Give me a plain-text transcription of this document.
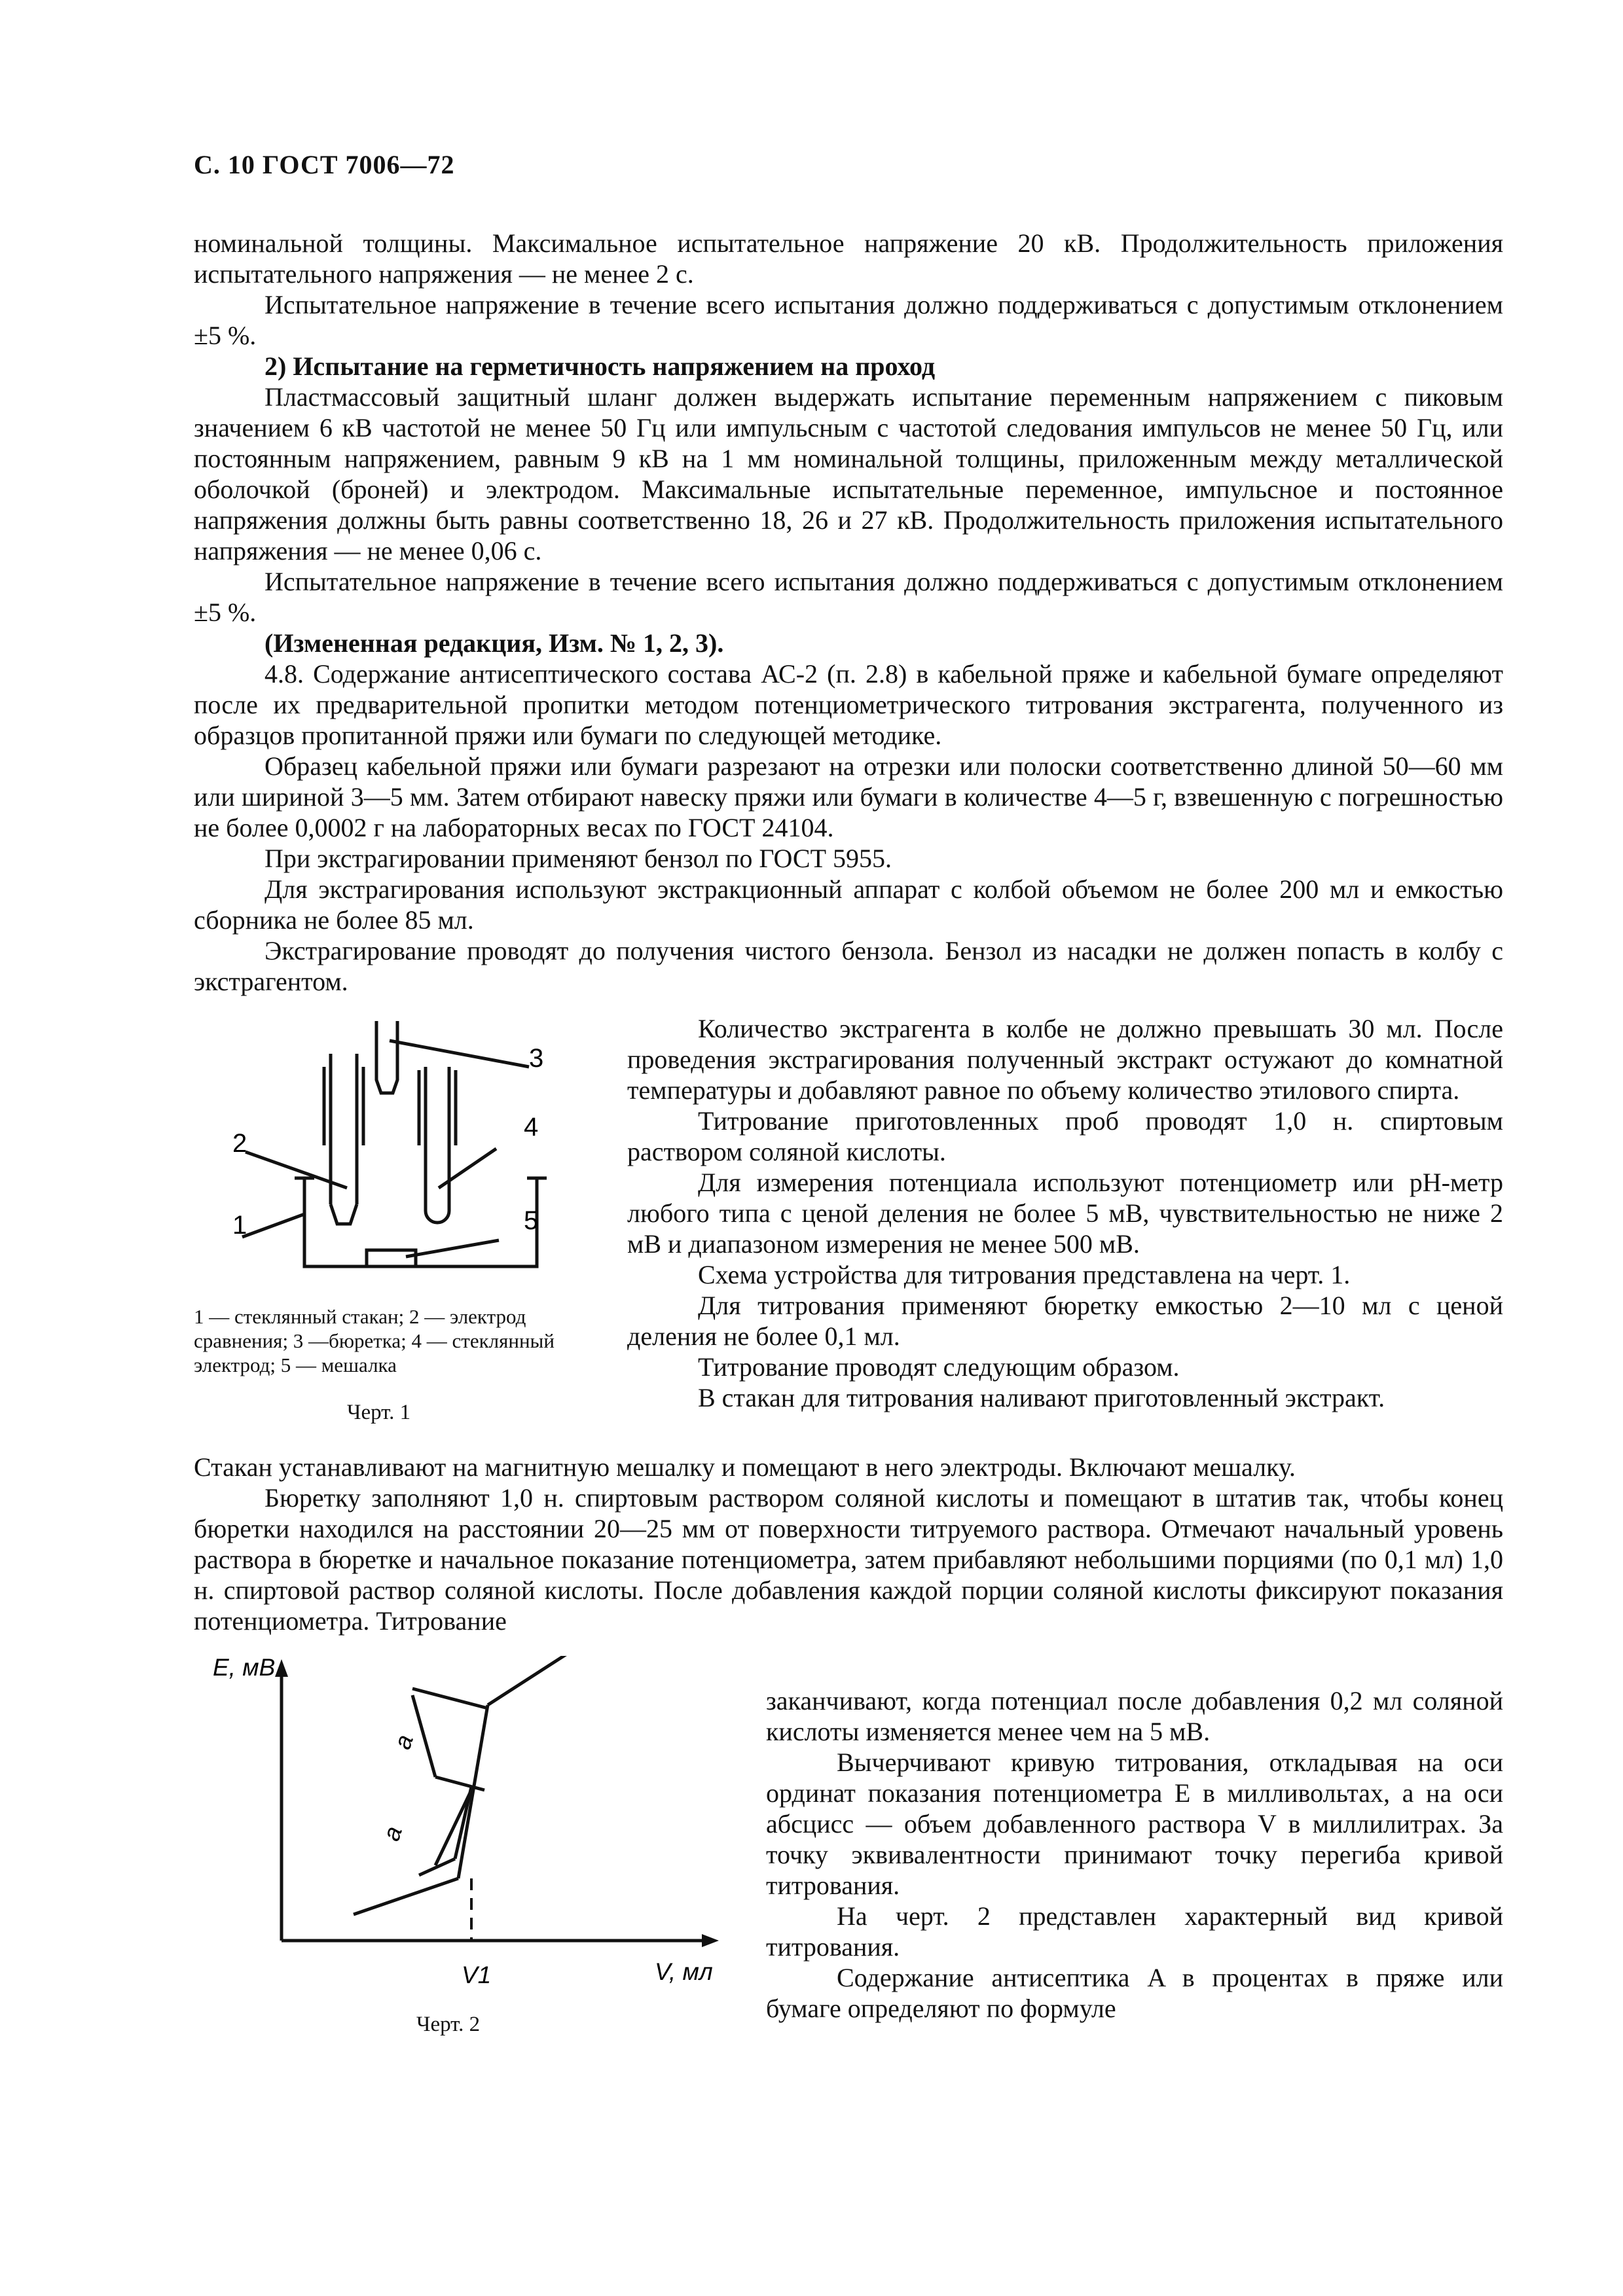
С. 10 ГОСТ 7006—72

номинальной толщины. Максимальное испытательное напряжение 20 кВ. Продолжительность приложения испытательного напряжения — не менее 2 с.

Испытательное напряжение в течение всего испытания должно поддерживаться с допустимым отклонением ±5 %.

2) Испытание на герметичность напряжением на проход

Пластмассовый защитный шланг должен выдержать испытание переменным напряжением с пиковым значением 6 кВ частотой не менее 50 Гц или импульсным с частотой следования импульсов не менее 50 Гц, или постоянным напряжением, равным 9 кВ на 1 мм номинальной толщины, приложенным между металлической оболочкой (броней) и электродом. Максимальные испытательные переменное, импульсное и постоянное напряжения должны быть равны соответственно 18, 26 и 27 кВ. Продолжительность приложения испытательного напряжения — не менее 0,06 с.

Испытательное напряжение в течение всего испытания должно поддерживаться с допустимым отклонением ±5 %.

(Измененная редакция, Изм. № 1, 2, 3).

4.8. Содержание антисептического состава АС-2 (п. 2.8) в кабельной пряже и кабельной бумаге определяют после их предварительной пропитки методом потенциометрического титрования экстрагента, полученного из образцов пропитанной пряжи или бумаги по следующей методике.

Образец кабельной пряжи или бумаги разрезают на отрезки или полоски соответственно длиной 50—60 мм или шириной 3—5 мм. Затем отбирают навеску пряжи или бумаги в количестве 4—5 г, взвешенную с погрешностью не более 0,0002 г на лабораторных весах по ГОСТ 24104.

При экстрагировании применяют бензол по ГОСТ 5955.

Для экстрагирования используют экстракционный аппарат с колбой объемом не более 200 мл и емкостью сборника не более 85 мл.

Экстрагирование проводят до получения чистого бензола. Бензол из насадки не должен попасть в колбу с экстрагентом.

3
2
4
1	5
1 — стеклянный стакан; 2 — электрод сравнения; 3 —бюретка; 4 — стеклянный электрод; 5 — мешалка
Черт. 1

Количество экстрагента в колбе не должно превышать 30 мл. После проведения экстрагирования полученный экстракт остужают до комнатной температуры и добавляют равное по объему количество этилового спирта.

Титрование приготовленных проб проводят 1,0 н. спиртовым раствором соляной кислоты.

Для измерения потенциала используют потенциометр или рН-метр любого типа с ценой деления не более 5 мВ, чувствительностью не ниже 2 мВ и диапазоном измерения не менее 500 мВ.

Схема устройства для титрования представлена на черт. 1.

Для титрования применяют бюретку емкостью 2—10 мл с ценой деления не более 0,1 мл.

Титрование проводят следующим образом.

В стакан для титрования наливают приготовленный экстракт.

Стакан устанавливают на магнитную мешалку и помещают в него электроды. Включают мешалку.

Бюретку заполняют 1,0 н. спиртовым раствором соляной кислоты и помещают в штатив так, чтобы конец бюретки находился на расстоянии 20—25 мм от поверхности титруемого раствора. Отмечают начальный уровень раствора в бюретке и начальное показание потенциометра, затем прибавляют небольшими порциями (по 0,1 мл) 1,0 н. спиртовой раствор соляной кислоты. После добавления каждой порции соляной кислоты фиксируют показания потенциометра. Титрование

E, мВ
V, мл
V1
a
a
Черт. 2

заканчивают, когда потенциал после добавления 0,2 мл соляной кислоты изменяется менее чем на 5 мВ.

Вычерчивают кривую титрования, откладывая на оси ординат показания потенциометра E в милливольтах, а на оси абсцисс — объем добавленного раствора V в миллилитрах. За точку эквивалентности принимают точку перегиба кривой титрования.

На черт. 2 представлен характерный вид кривой титрования.

Содержание антисептика A в процентах в пряже или бумаге определяют по формуле
